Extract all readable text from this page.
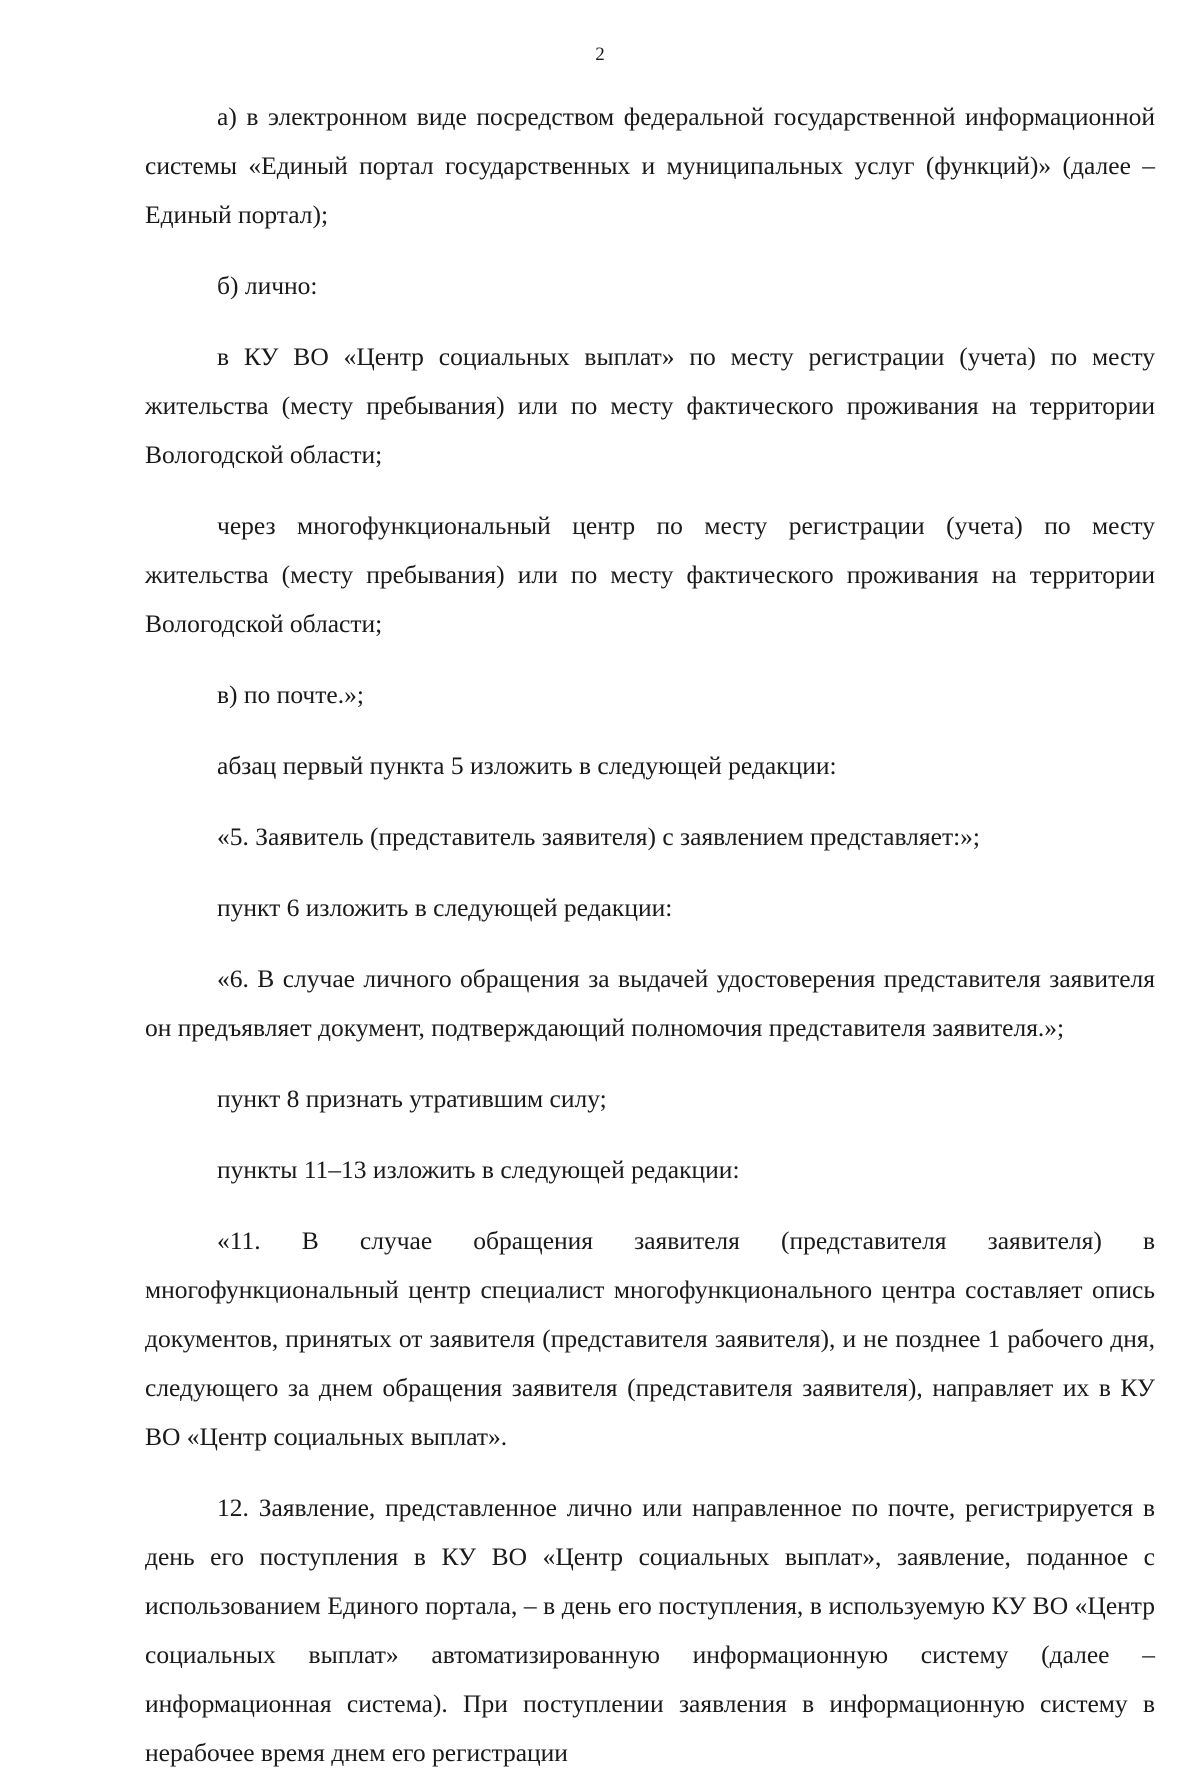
2

а) в электронном виде посредством федеральной государственной информационной системы «Единый портал государственных и муниципальных услуг (функций)» (далее – Единый портал);

б) лично:

в КУ ВО «Центр социальных выплат» по месту регистрации (учета) по месту жительства (месту пребывания) или по месту фактического проживания на территории Вологодской области;

через многофункциональный центр по месту регистрации (учета) по месту жительства (месту пребывания) или по месту фактического проживания на территории Вологодской области;

в) по почте.»;

абзац первый пункта 5 изложить в следующей редакции:

«5. Заявитель (представитель заявителя) с заявлением представляет:»;

пункт 6 изложить в следующей редакции:

«6. В случае личного обращения за выдачей удостоверения представителя заявителя он предъявляет документ, подтверждающий полномочия представителя заявителя.»;

пункт 8 признать утратившим силу;

пункты 11–13 изложить в следующей редакции:

«11. В случае обращения заявителя (представителя заявителя) в многофункциональный центр специалист многофункционального центра составляет опись документов, принятых от заявителя (представителя заявителя), и не позднее 1 рабочего дня, следующего за днем обращения заявителя (представителя заявителя), направляет их в КУ ВО «Центр социальных выплат».

12. Заявление, представленное лично или направленное по почте, регистрируется в день его поступления в КУ ВО «Центр социальных выплат», заявление, поданное с использованием Единого портала, – в день его поступления, в используемую КУ ВО «Центр социальных выплат» автоматизированную информационную систему (далее – информационная система). При поступлении заявления в информационную систему в нерабочее время днем его регистрации
